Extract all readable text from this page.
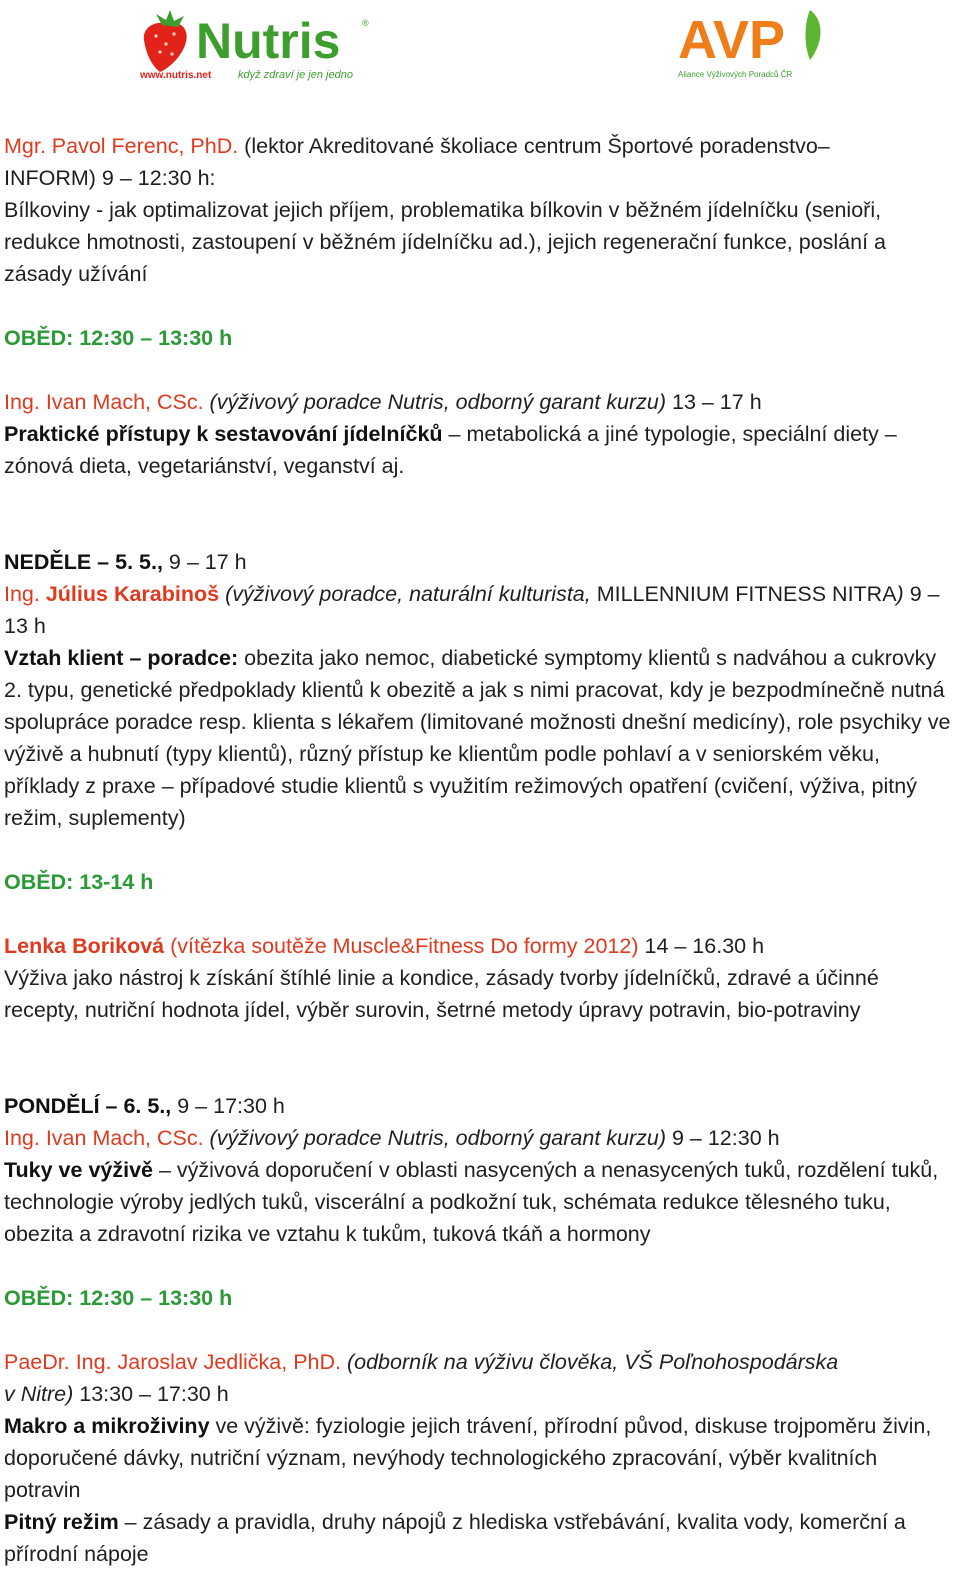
Nutris ®
www.nutris.net když zdraví je jen jedno
AVP
Aliance Výživových Poradců ČR

Mgr. Pavol Ferenc, PhD. (lektor Akreditované školiace centrum Športové poradenstvo–

INFORM) 9 – 12:30 h:

Bílkoviny - jak optimalizovat jejich příjem, problematika bílkovin v běžném jídelníčku (senioři, redukce hmotnosti, zastoupení v běžném jídelníčku ad.), jejich regenerační funkce, poslání a zásady užívání

OBĚD: 12:30 – 13:30 h

Ing. Ivan Mach, CSc. (výživový poradce Nutris, odborný garant kurzu) 13 – 17 h

Praktické přístupy k sestavování jídelníčků – metabolická a jiné typologie, speciální diety – zónová dieta, vegetariánství, veganství aj.

NEDĚLE – 5. 5., 9 – 17 h

Ing. Július Karabinoš (výživový poradce, naturální kulturista, MILLENNIUM FITNESS NITRA) 9 – 13 h

Vztah klient – poradce: obezita jako nemoc, diabetické symptomy klientů s nadváhou a cukrovky 2. typu, genetické předpoklady klientů k obezitě a jak s nimi pracovat, kdy je bezpodmínečně nutná spolupráce poradce resp. klienta s lékařem (limitované možnosti dnešní medicíny), role psychiky ve výživě a hubnutí (typy klientů), různý přístup ke klientům podle pohlaví a v seniorském věku, příklady z praxe – případové studie klientů s využitím režimových opatření (cvičení, výživa, pitný režim, suplementy)

OBĚD: 13-14 h

Lenka Boriková (vítězka soutěže Muscle&Fitness Do formy 2012) 14 – 16.30 h

Výživa jako nástroj k získání štíhlé linie a kondice, zásady tvorby jídelníčků, zdravé a účinné recepty, nutriční hodnota jídel, výběr surovin, šetrné metody úpravy potravin, bio-potraviny

PONDĚLÍ – 6. 5., 9 – 17:30 h

Ing. Ivan Mach, CSc. (výživový poradce Nutris, odborný garant kurzu) 9 – 12:30 h

Tuky ve výživě – výživová doporučení v oblasti nasycených a nenasycených tuků, rozdělení tuků, technologie výroby jedlých tuků, viscerální a podkožní tuk, schémata redukce tělesného tuku, obezita a zdravotní rizika ve vztahu k tukům, tuková tkáň a hormony

OBĚD: 12:30 – 13:30 h

PaeDr. Ing. Jaroslav Jedlička, PhD. (odborník na výživu člověka, VŠ Poľnohospodárska

v Nitre) 13:30 – 17:30 h

Makro a mikroživiny ve výživě: fyziologie jejich trávení, přírodní původ, diskuse trojpoměru živin, doporučené dávky, nutriční význam, nevýhody technologického zpracování, výběr kvalitních potravin

Pitný režim – zásady a pravidla, druhy nápojů z hlediska vstřebávání, kvalita vody, komerční a přírodní nápoje
